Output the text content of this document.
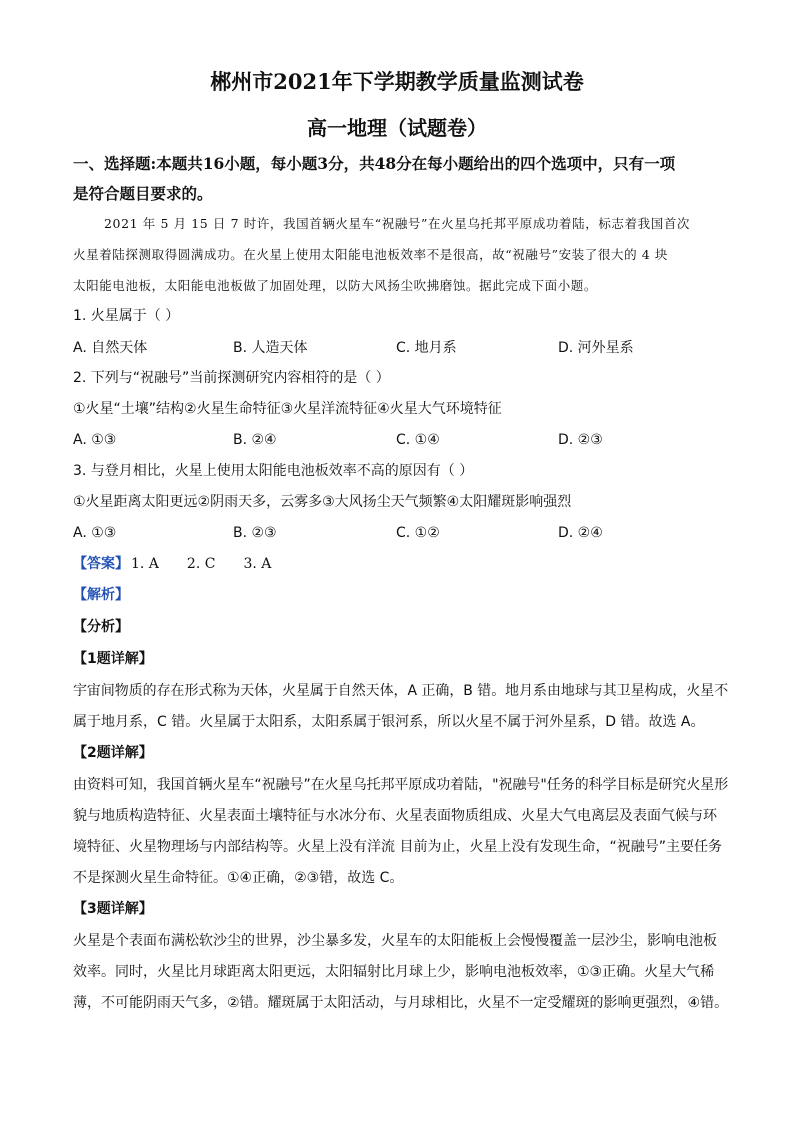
郴州市2021年下学期教学质量监测试卷
高一地理（试题卷）
一、选择题:本题共16小题，每小题3分，共48分在每小题给出的四个选项中，只有一项
是符合题目要求的。
2021 年 5 月 15 日 7 时许，我国首辆火星车“祝融号”在火星乌托邦平原成功着陆，标志着我国首次
火星着陆探测取得圆满成功。在火星上使用太阳能电池板效率不是很高，故“祝融号”安装了很大的 4 块
太阳能电池板，太阳能电池板做了加固处理，以防大风扬尘吹拂磨蚀。据此完成下面小题。
1. 火星属于（ ）
A. 自然天体	B. 人造天体	C. 地月系	D. 河外星系
2. 下列与“祝融号”当前探测研究内容相符的是（ ）
①火星“土壤”结构②火星生命特征③火星洋流特征④火星大气环境特征
A. ①③	B. ②④	C. ①④	D. ②③
3. 与登月相比，火星上使用太阳能电池板效率不高的原因有（ ）
①火星距离太阳更远②阴雨天多，云雾多③大风扬尘天气频繁④太阳耀斑影响强烈
A. ①③	B. ②③	C. ①②	D. ②④
【答案】 1. A 2. C 3. A
【解析】
【分析】
【1题详解】
宇宙间物质的存在形式称为天体，火星属于自然天体，A 正确，B 错。地月系由地球与其卫星构成，火星不
属于地月系，C 错。火星属于太阳系，太阳系属于银河系，所以火星不属于河外星系，D 错。故选 A。
【2题详解】
由资料可知，我国首辆火星车“祝融号”在火星乌托邦平原成功着陆，"祝融号"任务的科学目标是研究火星形
貌与地质构造特征、火星表面土壤特征与水冰分布、火星表面物质组成、火星大气电离层及表面气候与环
境特征、火星物理场与内部结构等。火星上没有洋流 目前为止，火星上没有发现生命，“祝融号”主要任务
不是探测火星生命特征。①④正确，②③错，故选 C。
【3题详解】
火星是个表面布满松软沙尘的世界，沙尘暴多发，火星车的太阳能板上会慢慢覆盖一层沙尘，影响电池板
效率。同时，火星比月球距离太阳更远，太阳辐射比月球上少，影响电池板效率，①③正确。火星大气稀
薄，不可能阴雨天气多，②错。耀斑属于太阳活动，与月球相比，火星不一定受耀斑的影响更强烈，④错。
